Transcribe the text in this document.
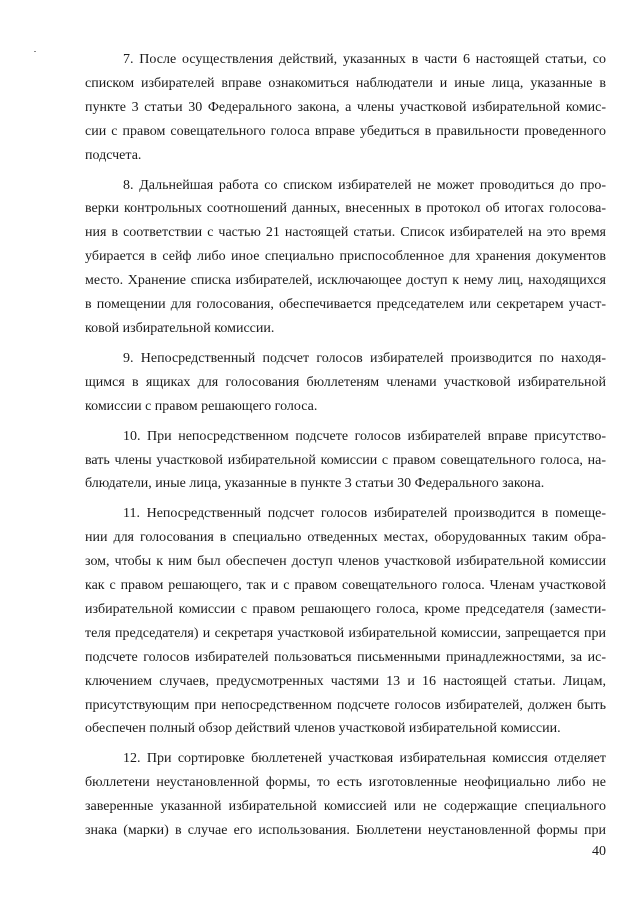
7. После осуществления действий, указанных в части 6 настоящей статьи, со
списком избирателей вправе ознакомиться наблюдатели и иные лица, указанные в
пункте 3 статьи 30 Федерального закона, а члены участковой избирательной комис-
сии с правом совещательного голоса вправе убедиться в правильности проведенного
подсчета.
8. Дальнейшая работа со списком избирателей не может проводиться до про-
верки контрольных соотношений данных, внесенных в протокол об итогах голосова-
ния в соответствии с частью 21 настоящей статьи. Список избирателей на это время
убирается в сейф либо иное специально приспособленное для хранения документов
место. Хранение списка избирателей, исключающее доступ к нему лиц, находящихся
в помещении для голосования, обеспечивается председателем или секретарем участ-
ковой избирательной комиссии.
9. Непосредственный подсчет голосов избирателей производится по находя-
щимся в ящиках для голосования бюллетеням членами участковой избирательной
комиссии с правом решающего голоса.
10. При непосредственном подсчете голосов избирателей вправе присутство-
вать члены участковой избирательной комиссии с правом совещательного голоса, на-
блюдатели, иные лица, указанные в пункте 3 статьи 30 Федерального закона.
11. Непосредственный подсчет голосов избирателей производится в помеще-
нии для голосования в специально отведенных местах, оборудованных таким обра-
зом, чтобы к ним был обеспечен доступ членов участковой избирательной комиссии
как с правом решающего, так и с правом совещательного голоса. Членам участковой
избирательной комиссии с правом решающего голоса, кроме председателя (замести-
теля председателя) и секретаря участковой избирательной комиссии, запрещается при
подсчете голосов избирателей пользоваться письменными принадлежностями, за ис-
ключением случаев, предусмотренных частями 13 и 16 настоящей статьи. Лицам,
присутствующим при непосредственном подсчете голосов избирателей, должен быть
обеспечен полный обзор действий членов участковой избирательной комиссии.
12. При сортировке бюллетеней участковая избирательная комиссия отделяет
бюллетени неустановленной формы, то есть изготовленные неофициально либо не
заверенные указанной избирательной комиссией или не содержащие специального
знака (марки) в случае его использования. Бюллетени неустановленной формы при
40
